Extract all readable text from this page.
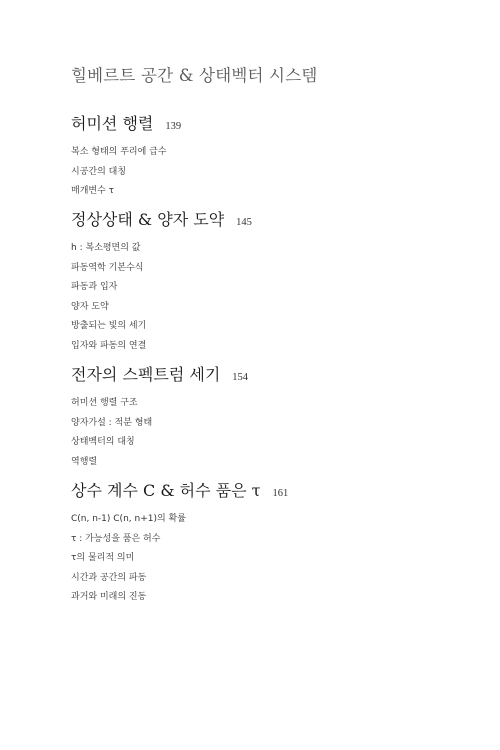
힐베르트 공간 & 상태벡터 시스템
허미션 행렬 139
복소 형태의 푸리에 급수
시공간의 대칭
매개변수 τ
정상상태 & 양자 도약 145
h : 복소평면의 값
파동역학 기본수식
파동과 입자
양자 도약
방출되는 빛의 세기
입자와 파동의 연결
전자의 스펙트럼 세기 154
허미션 행렬 구조
양자가설 : 적분 형태
상태벡터의 대칭
역행렬
상수 계수 C & 허수 품은 τ 161
C(n, n-1) C(n, n+1)의 확률
τ : 가능성을 품은 허수
τ의 물리적 의미
시간과 공간의 파동
과거와 미래의 진동
